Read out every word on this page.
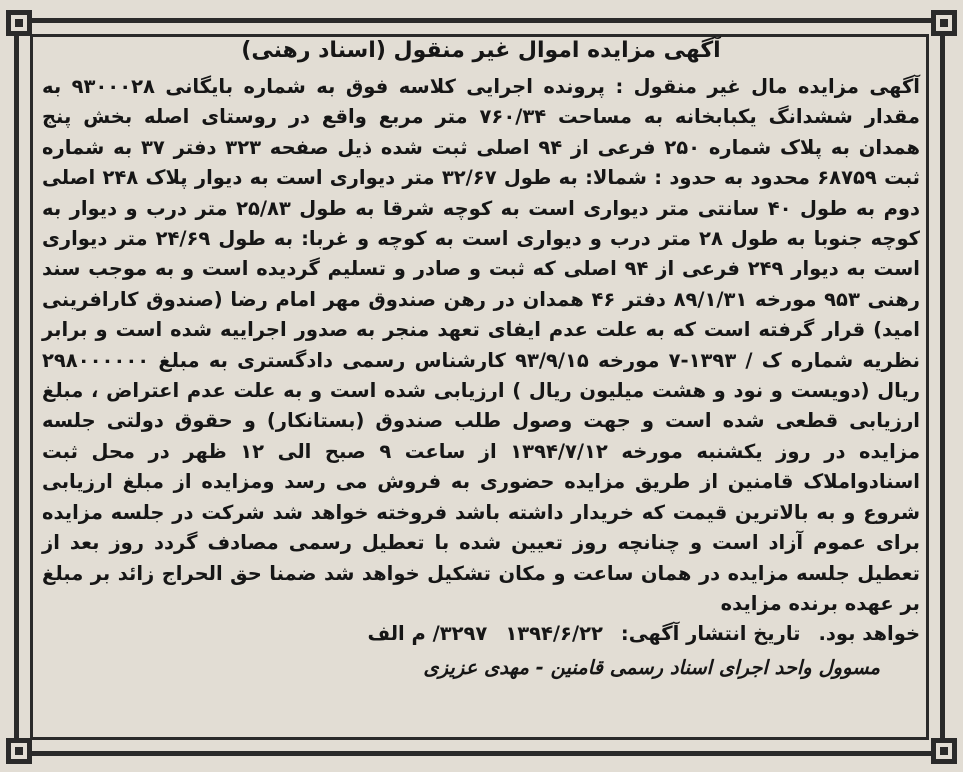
آگهی مزایده اموال غیر منقول (اسناد رهنی)

آگهی مزایده مال غیر منقول : پرونده اجرایی کلاسه فوق به شماره بایگانی ۹۳۰۰۰۲۸ به مقدار ششدانگ یکبابخانه به مساحت ۷۶۰/۳۴ متر مربع واقع در روستای اصله بخش پنج همدان به پلاک شماره ۲۵۰ فرعی از ۹۴ اصلی ثبت شده ذیل صفحه ۳۲۳ دفتر ۳۷ به شماره ثبت ۶۸۷۵۹ محدود به حدود : شمالا: به طول ۳۲/۶۷ متر دیواری است به دیوار پلاک ۲۴۸ اصلی دوم به طول ۴۰ سانتی متر دیواری است به کوچه شرقا به طول ۲۵/۸۳ متر درب و دیوار به کوچه جنوبا به طول ۲۸ متر درب و دیواری است به کوچه و غربا: به طول ۲۴/۶۹ متر دیواری است به دیوار ۲۴۹ فرعی از ۹۴ اصلی که ثبت و صادر و تسلیم گردیده است و به موجب سند رهنی ۹۵۳ مورخه ۸۹/۱/۳۱ دفتر ۴۶ همدان در رهن صندوق مهر امام رضا (صندوق کارافرینی امید) قرار گرفته است که به علت عدم ایفای تعهد منجر به صدور اجراییه شده است و برابر نظریه شماره ک / ۱۳۹۳-۷ مورخه ۹۳/۹/۱۵ کارشناس رسمی دادگستری به مبلغ ۲۹۸۰۰۰۰۰۰ ریال (دویست و نود و هشت میلیون ریال ) ارزیابی شده است و به علت عدم اعتراض ، مبلغ ارزیابی قطعی شده است و جهت وصول طلب صندوق (بستانکار) و حقوق دولتی جلسه مزایده در روز یکشنبه مورخه ۱۳۹۴/۷/۱۲ از ساعت ۹ صبح الی ۱۲ ظهر در محل ثبت اسنادواملاک قامنین از طریق مزایده حضوری به فروش می رسد ومزایده از مبلغ ارزیابی شروع و به بالاترین قیمت که خریدار داشته باشد فروخته خواهد شد شرکت در جلسه مزایده برای عموم آزاد است و چنانچه روز تعیین شده با تعطیل رسمی مصادف گردد روز بعد از تعطیل جلسه مزایده در همان ساعت و مکان تشکیل خواهد شد ضمنا حق الحراج زائد بر مبلغ بر عهده برنده مزایده

خواهد بود.
تاریخ انتشار آگهی:
۱۳۹۴/۶/۲۲
۳۲۹۷/ م الف
مسوول واحد اجرای اسناد رسمی قامنین - مهدی عزیزی
